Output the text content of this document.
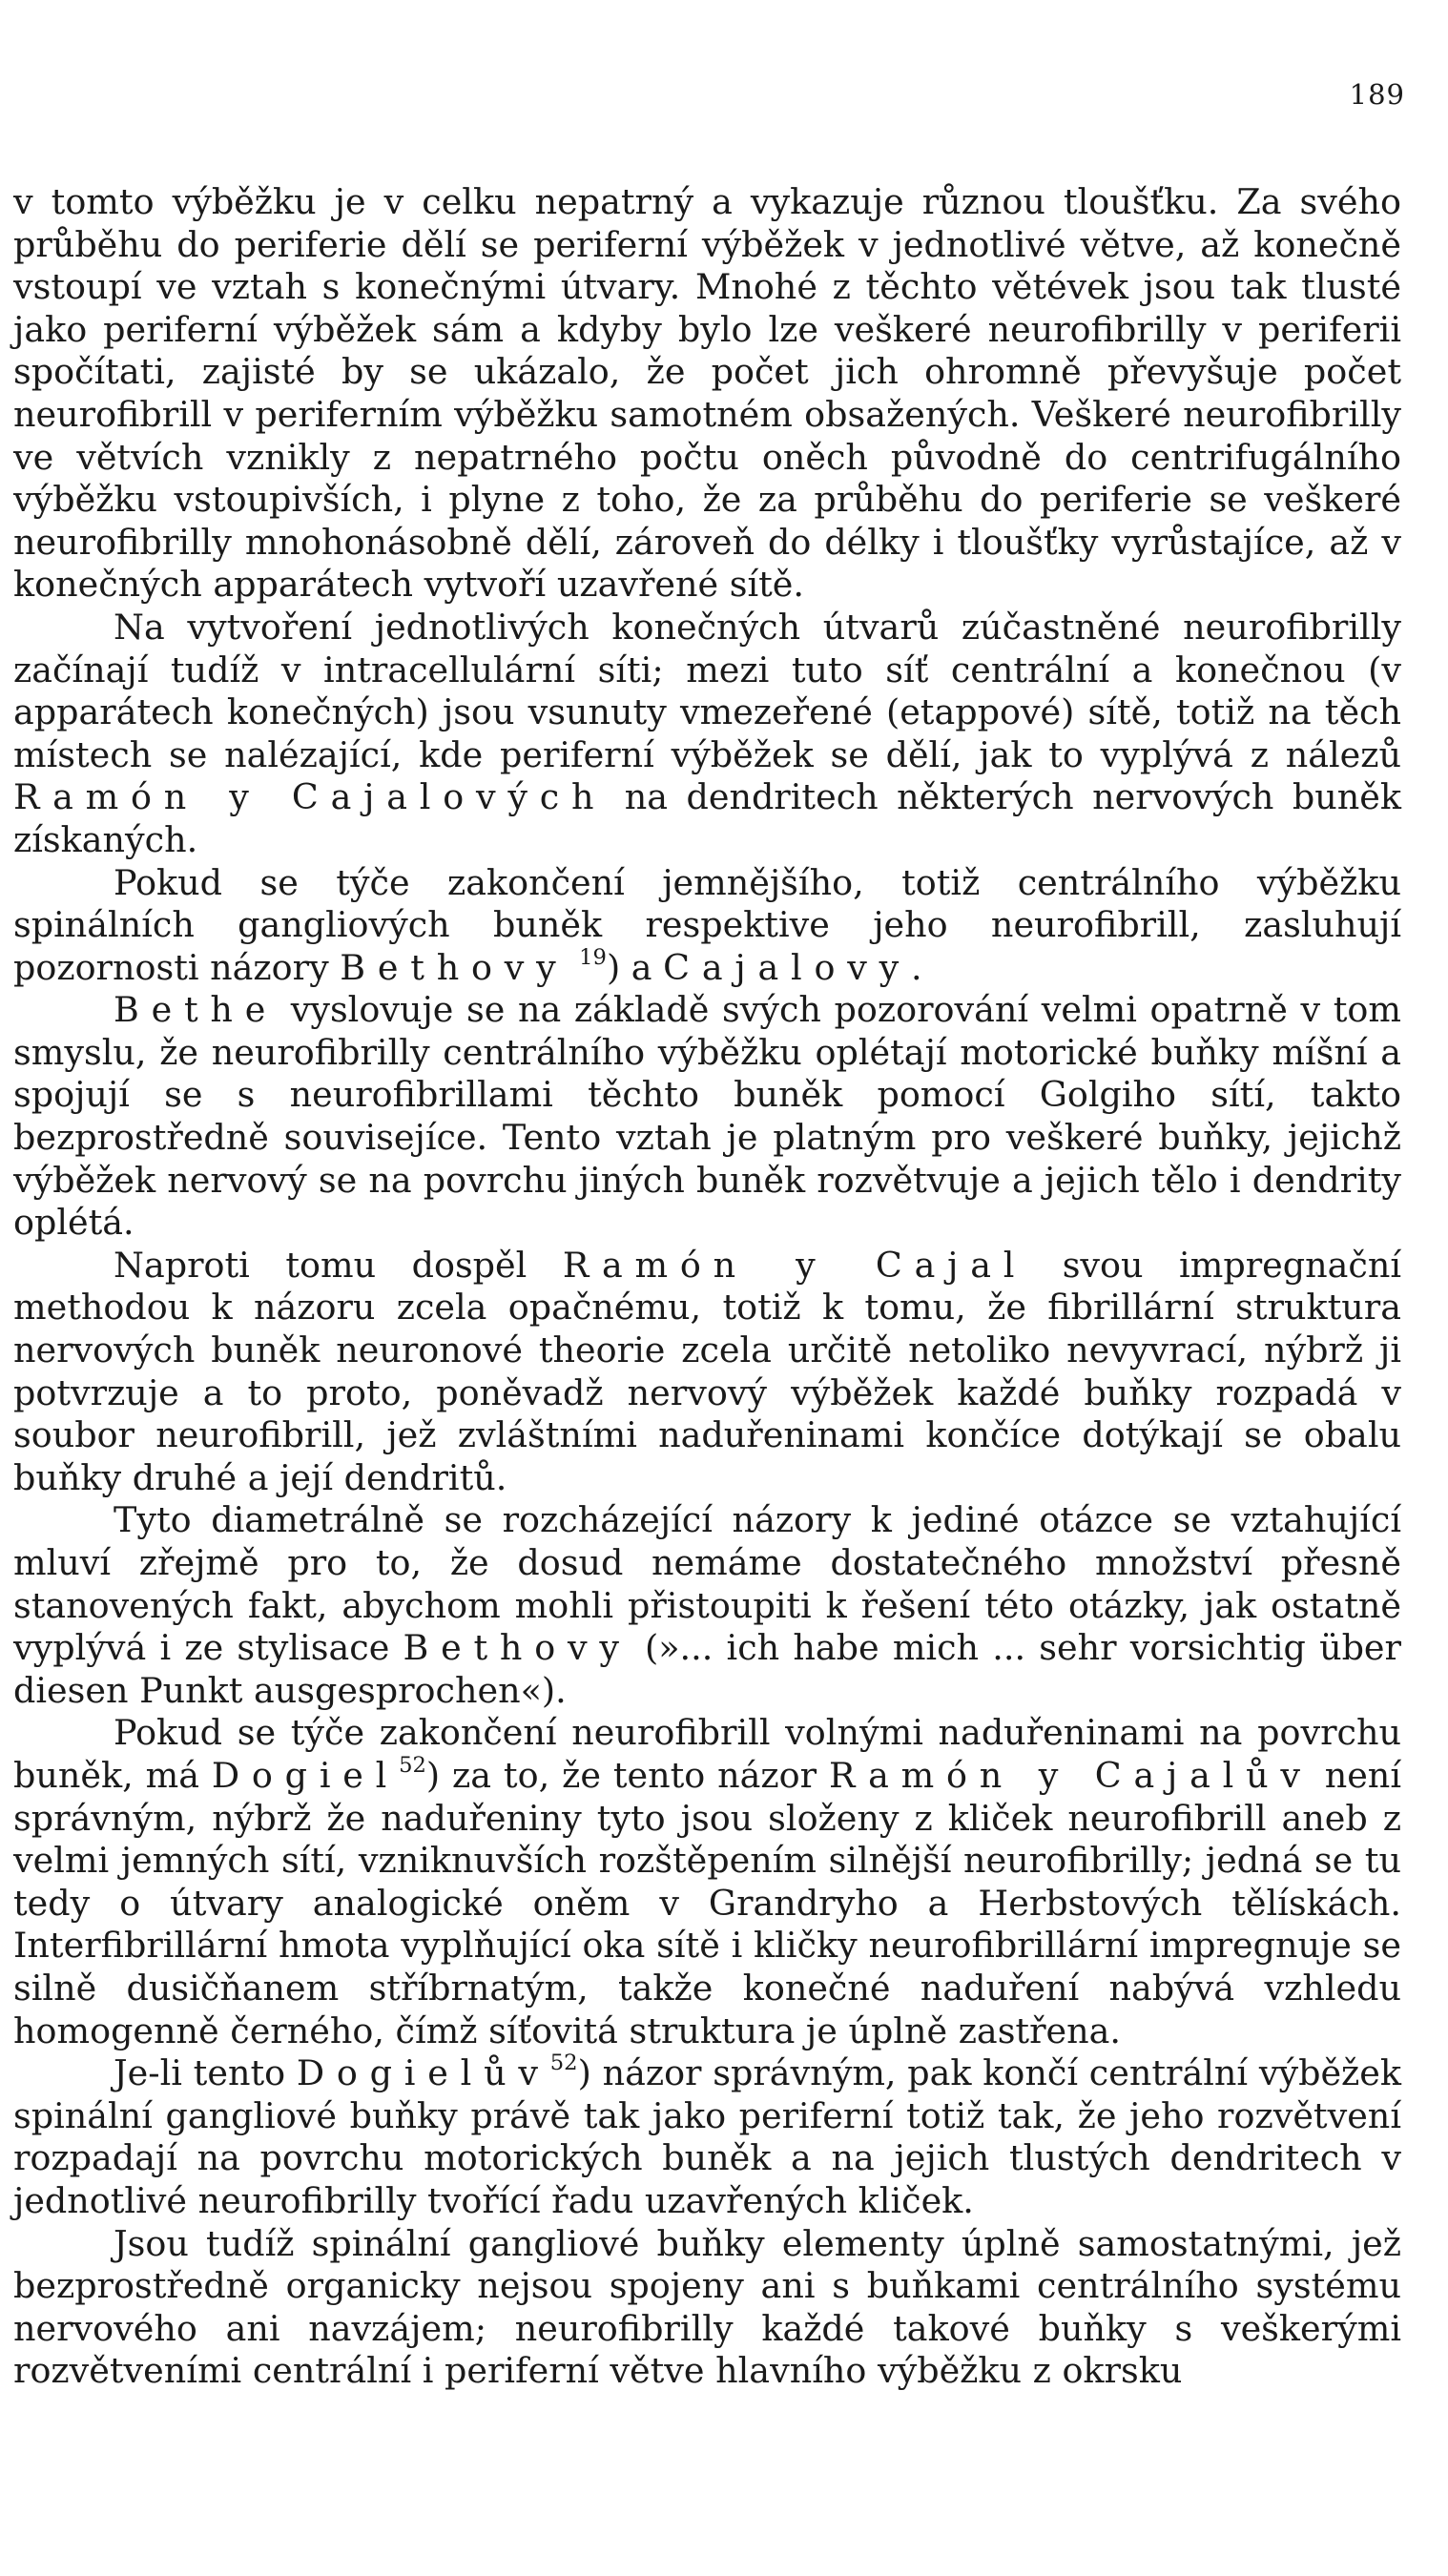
189

v tomto výběžku je v celku nepatrný a vykazuje různou tloušťku. Za svého průběhu do periferie dělí se periferní výběžek v jednotlivé větve, až konečně vstoupí ve vztah s konečnými útvary. Mnohé z těchto větévek jsou tak tlusté jako periferní výběžek sám a kdyby bylo lze veškeré neurofibrilly v periferii spočítati, zajisté by se ukázalo, že počet jich ohromně převyšuje počet neurofibrill v periferním výběžku samotném obsažených. Veškeré neurofibrilly ve větvích vznikly z nepatrného počtu oněch původně do centrifugálního výběžku vstoupivších, i plyne z toho, že za průběhu do periferie se veškeré neurofibrilly mnohonásobně dělí, zároveň do délky i tloušťky vyrůstajíce, až v konečných apparátech vytvoří uzavřené sítě.

Na vytvoření jednotlivých konečných útvarů zúčastněné neurofibrilly začínají tudíž v intracellulární síti; mezi tuto síť centrální a konečnou (v apparátech konečných) jsou vsunuty vmezeřené (etappové) sítě, totiž na těch místech se nalézající, kde periferní výběžek se dělí, jak to vyplývá z nálezů Ramón y Cajalových na dendritech některých nervových buněk získaných.

Pokud se týče zakončení jemnějšího, totiž centrálního výběžku spinálních gangliových buněk respektive jeho neurofibrill, zasluhují pozornosti názory Bethovy $^{19}$) a Cajalovy.

Bethe vyslovuje se na základě svých pozorování velmi opatrně v tom smyslu, že neurofibrilly centrálního výběžku oplétají motorické buňky míšní a spojují se s neurofibrillami těchto buněk pomocí Golgiho sítí, takto bezprostředně souvisejíce. Tento vztah je platným pro veškeré buňky, jejichž výběžek nervový se na povrchu jiných buněk rozvětvuje a jejich tělo i dendrity oplétá.

Naproti tomu dospěl Ramón y Cajal svou impregnační methodou k názoru zcela opačnému, totiž k tomu, že fibrillární struktura nervových buněk neuronové theorie zcela určitě netoliko nevyvrací, nýbrž ji potvrzuje a to proto, poněvadž nervový výběžek každé buňky rozpadá v soubor neurofibrill, jež zvláštními naduřeninami končíce dotýkají se obalu buňky druhé a její dendritů.

Tyto diametrálně se rozcházející názory k jediné otázce se vztahující mluví zřejmě pro to, že dosud nemáme dostatečného množství přesně stanovených fakt, abychom mohli přistoupiti k řešení této otázky, jak ostatně vyplývá i ze stylisace Bethovy (»... ich habe mich ... sehr vorsichtig über diesen Punkt ausgesprochen«).

Pokud se týče zakončení neurofibrill volnými naduřeninami na povrchu buněk, má Dogiel$^{52}$) za to, že tento názor Ramón y Cajalův není správným, nýbrž že naduřeniny tyto jsou složeny z kliček neurofibrill aneb z velmi jemných sítí, vzniknuvších rozštěpením silnější neurofibrilly; jedná se tu tedy o útvary analogické oněm v Grandryho a Herbstových tělískách. Interfibrillární hmota vyplňující oka sítě i kličky neurofibrillární impregnuje se silně dusičňanem stříbrnatým, takže konečné naduření nabývá vzhledu homogenně černého, čímž síťovitá struktura je úplně zastřena.

Je-li tento Dogielův$^{52}$) názor správným, pak končí centrální výběžek spinální gangliové buňky právě tak jako periferní totiž tak, že jeho rozvětvení rozpadají na povrchu motorických buněk a na jejich tlustých dendritech v jednotlivé neurofibrilly tvořící řadu uzavřených kliček.

Jsou tudíž spinální gangliové buňky elementy úplně samostatnými, jež bezprostředně organicky nejsou spojeny ani s buňkami centrálního systému nervového ani navzájem; neurofibrilly každé takové buňky s veškerými rozvětveními centrální i periferní větve hlavního výběžku z okrsku
